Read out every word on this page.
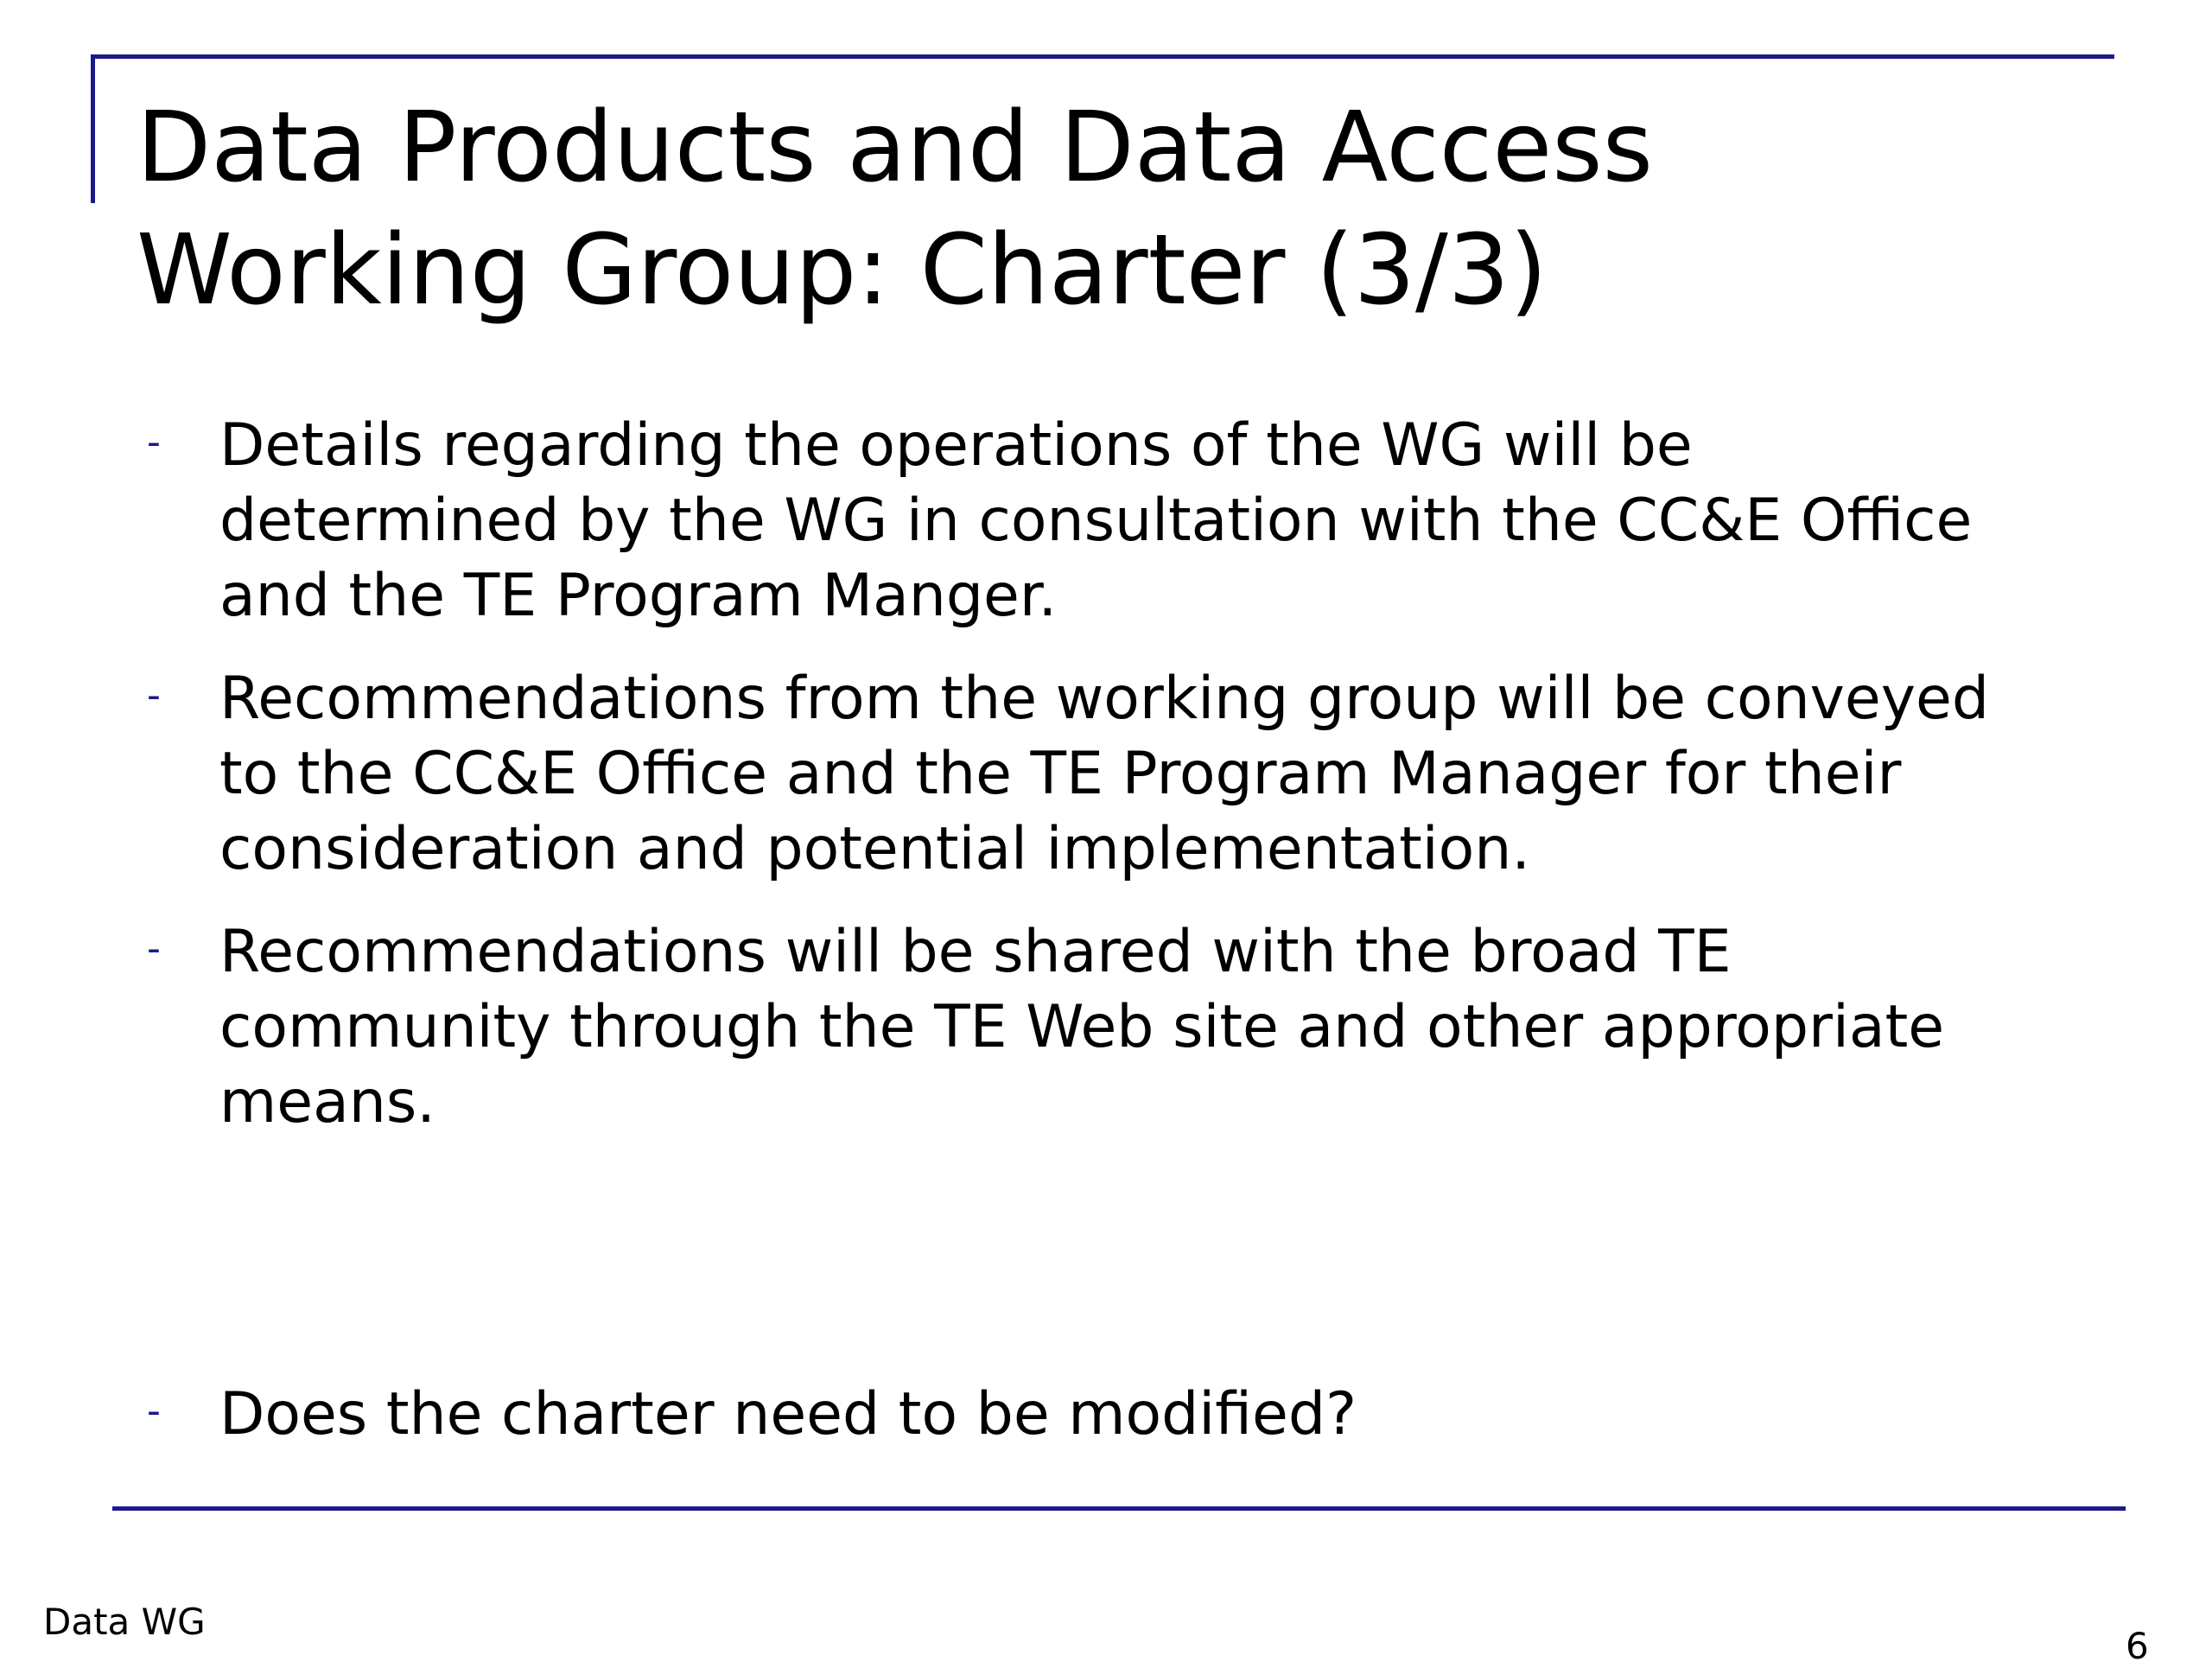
Data Products and Data Access
Working Group: Charter (3/3)
- Details regarding the operations of the WG will be
determined by the WG in consultation with the CC&E Office
and the TE Program Manger.
- Recommendations from the working group will be conveyed
to the CC&E Office and the TE Program Manager for their
consideration and potential implementation.
- Recommendations will be shared with the broad TE
community through the TE Web site and other appropriate
means.
- Does the charter need to be modified?
Data WG
6
